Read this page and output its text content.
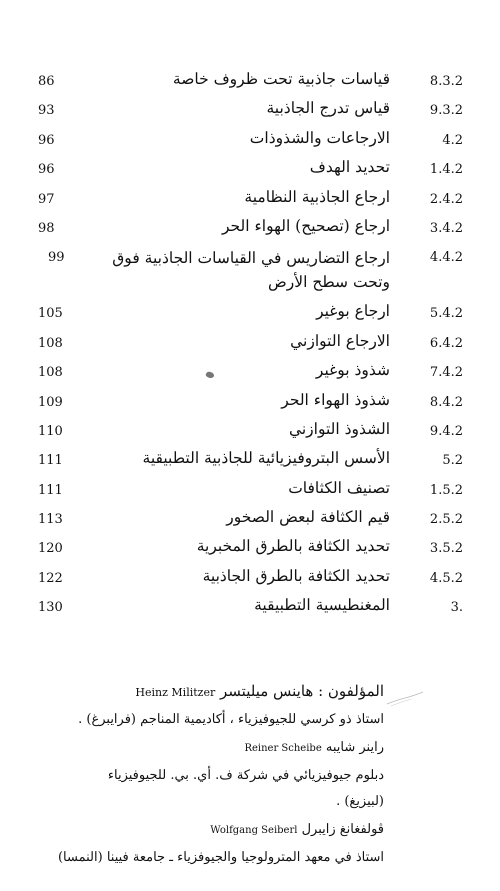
8.3.2
قياسات جاذبية تحت ظروف خاصة
86
9.3.2
قياس تدرج الجاذبية
93
4.2
الارجاعات والشذوذات
96
1.4.2
تحديد الهدف
96
2.4.2
ارجاع الجاذبية النظامية
97
3.4.2
ارجاع (تصحيح) الهواء الحر
98
4.4.2
ارجاع التضاريس في القياسات الجاذبية فوق وتحت سطح الأرض
99
5.4.2
ارجاع بوغير
105
6.4.2
الارجاع التوازني
108
7.4.2
شذوذ بوغير
108
8.4.2
شذوذ الهواء الحر
109
9.4.2
الشذوذ التوازني
110
5.2
الأسس البتروفيزيائية للجاذبية التطبيقية
111
1.5.2
تصنيف الكثافات
111
2.5.2
قيم الكثافة لبعض الصخور
113
3.5.2
تحديد الكثافة بالطرق المخبرية
120
4.5.2
تحديد الكثافة بالطرق الجاذبية
122
3.
المغنطيسية التطبيقية
130
المؤلفون : هاينس ميليتسر Heinz Militzer
استاذ ذو كرسي للجيوفيزياء ، أكاديمية المناجم (فرايبرغ) .
راينر شايبه Reiner Scheibe
دبلوم جيوفيزيائي في شركة ف. أي. بي. للجيوفيزياء
(لبيزيغ) .
ڤولفغانغ زايبرل Wolfgang Seiberl
استاذ في معهد المترولوجيا والجيوفزياء ـ جامعة فيينا (النمسا)
